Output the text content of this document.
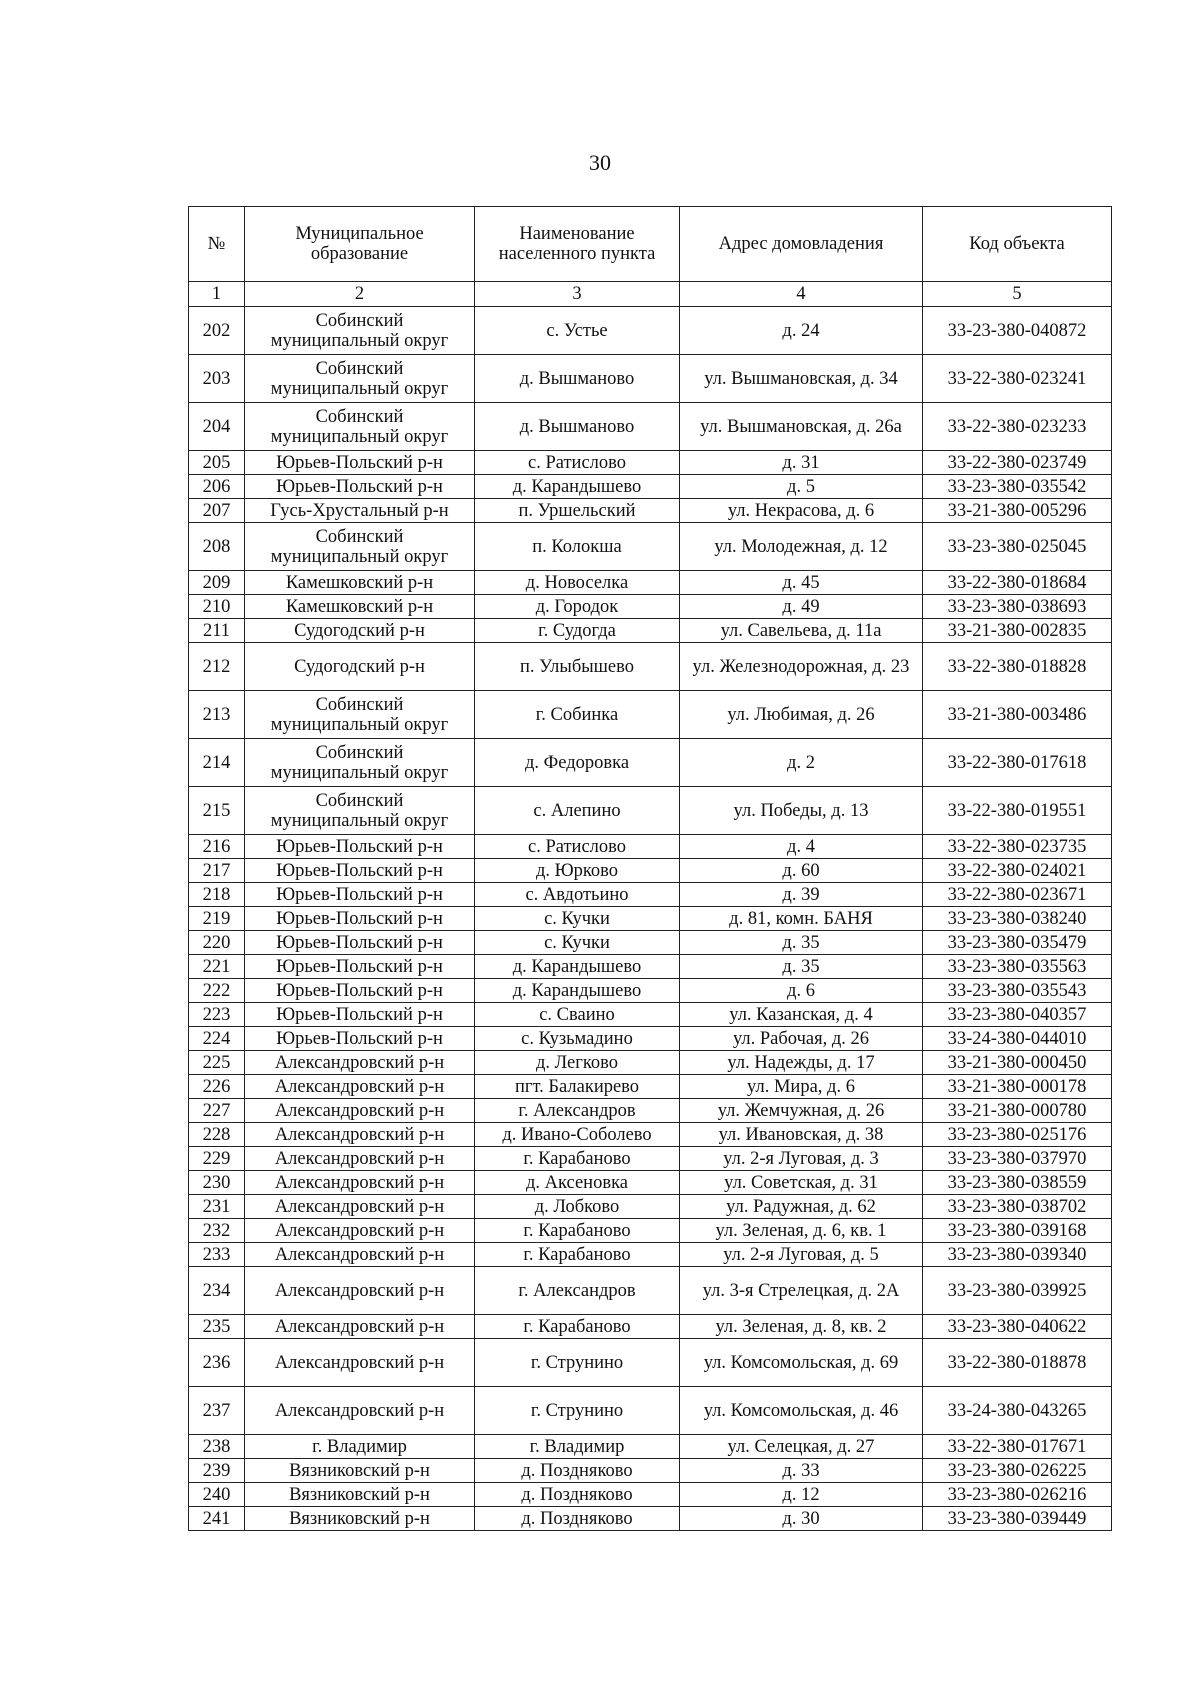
30
№	Муниципальное образование	Наименование населенного пункта	Адрес домовладения	Код объекта
1	2	3	4	5
202	Собинский муниципальный округ	с. Устье	д. 24	33-23-380-040872
203	Собинский муниципальный округ	д. Вышманово	ул. Вышмановская, д. 34	33-22-380-023241
204	Собинский муниципальный округ	д. Вышманово	ул. Вышмановская, д. 26а	33-22-380-023233
205	Юрьев-Польский р-н	с. Ратислово	д. 31	33-22-380-023749
206	Юрьев-Польский р-н	д. Карандышево	д. 5	33-23-380-035542
207	Гусь-Хрустальный р-н	п. Уршельский	ул. Некрасова, д. 6	33-21-380-005296
208	Собинский муниципальный округ	п. Колокша	ул. Молодежная, д. 12	33-23-380-025045
209	Камешковский р-н	д. Новоселка	д. 45	33-22-380-018684
210	Камешковский р-н	д. Городок	д. 49	33-23-380-038693
211	Судогодский р-н	г. Судогда	ул. Савельева, д. 11а	33-21-380-002835
212	Судогодский р-н	п. Улыбышево	ул. Железнодорожная, д. 23	33-22-380-018828
213	Собинский муниципальный округ	г. Собинка	ул. Любимая, д. 26	33-21-380-003486
214	Собинский муниципальный округ	д. Федоровка	д. 2	33-22-380-017618
215	Собинский муниципальный округ	с. Алепино	ул. Победы, д. 13	33-22-380-019551
216	Юрьев-Польский р-н	с. Ратислово	д. 4	33-22-380-023735
217	Юрьев-Польский р-н	д. Юрково	д. 60	33-22-380-024021
218	Юрьев-Польский р-н	с. Авдотьино	д. 39	33-22-380-023671
219	Юрьев-Польский р-н	с. Кучки	д. 81, комн. БАНЯ	33-23-380-038240
220	Юрьев-Польский р-н	с. Кучки	д. 35	33-23-380-035479
221	Юрьев-Польский р-н	д. Карандышево	д. 35	33-23-380-035563
222	Юрьев-Польский р-н	д. Карандышево	д. 6	33-23-380-035543
223	Юрьев-Польский р-н	с. Сваино	ул. Казанская, д. 4	33-23-380-040357
224	Юрьев-Польский р-н	с. Кузьмадино	ул. Рабочая, д. 26	33-24-380-044010
225	Александровский р-н	д. Легково	ул. Надежды, д. 17	33-21-380-000450
226	Александровский р-н	пгт. Балакирево	ул. Мира, д. 6	33-21-380-000178
227	Александровский р-н	г. Александров	ул. Жемчужная, д. 26	33-21-380-000780
228	Александровский р-н	д. Ивано-Соболево	ул. Ивановская, д. 38	33-23-380-025176
229	Александровский р-н	г. Карабаново	ул. 2-я Луговая, д. 3	33-23-380-037970
230	Александровский р-н	д. Аксеновка	ул. Советская, д. 31	33-23-380-038559
231	Александровский р-н	д. Лобково	ул. Радужная, д. 62	33-23-380-038702
232	Александровский р-н	г. Карабаново	ул. Зеленая, д. 6, кв. 1	33-23-380-039168
233	Александровский р-н	г. Карабаново	ул. 2-я Луговая, д. 5	33-23-380-039340
234	Александровский р-н	г. Александров	ул. 3-я Стрелецкая, д. 2А	33-23-380-039925
235	Александровский р-н	г. Карабаново	ул. Зеленая, д. 8, кв. 2	33-23-380-040622
236	Александровский р-н	г. Струнино	ул. Комсомольская, д. 69	33-22-380-018878
237	Александровский р-н	г. Струнино	ул. Комсомольская, д. 46	33-24-380-043265
238	г. Владимир	г. Владимир	ул. Селецкая, д. 27	33-22-380-017671
239	Вязниковский р-н	д. Поздняково	д. 33	33-23-380-026225
240	Вязниковский р-н	д. Поздняково	д. 12	33-23-380-026216
241	Вязниковский р-н	д. Поздняково	д. 30	33-23-380-039449
